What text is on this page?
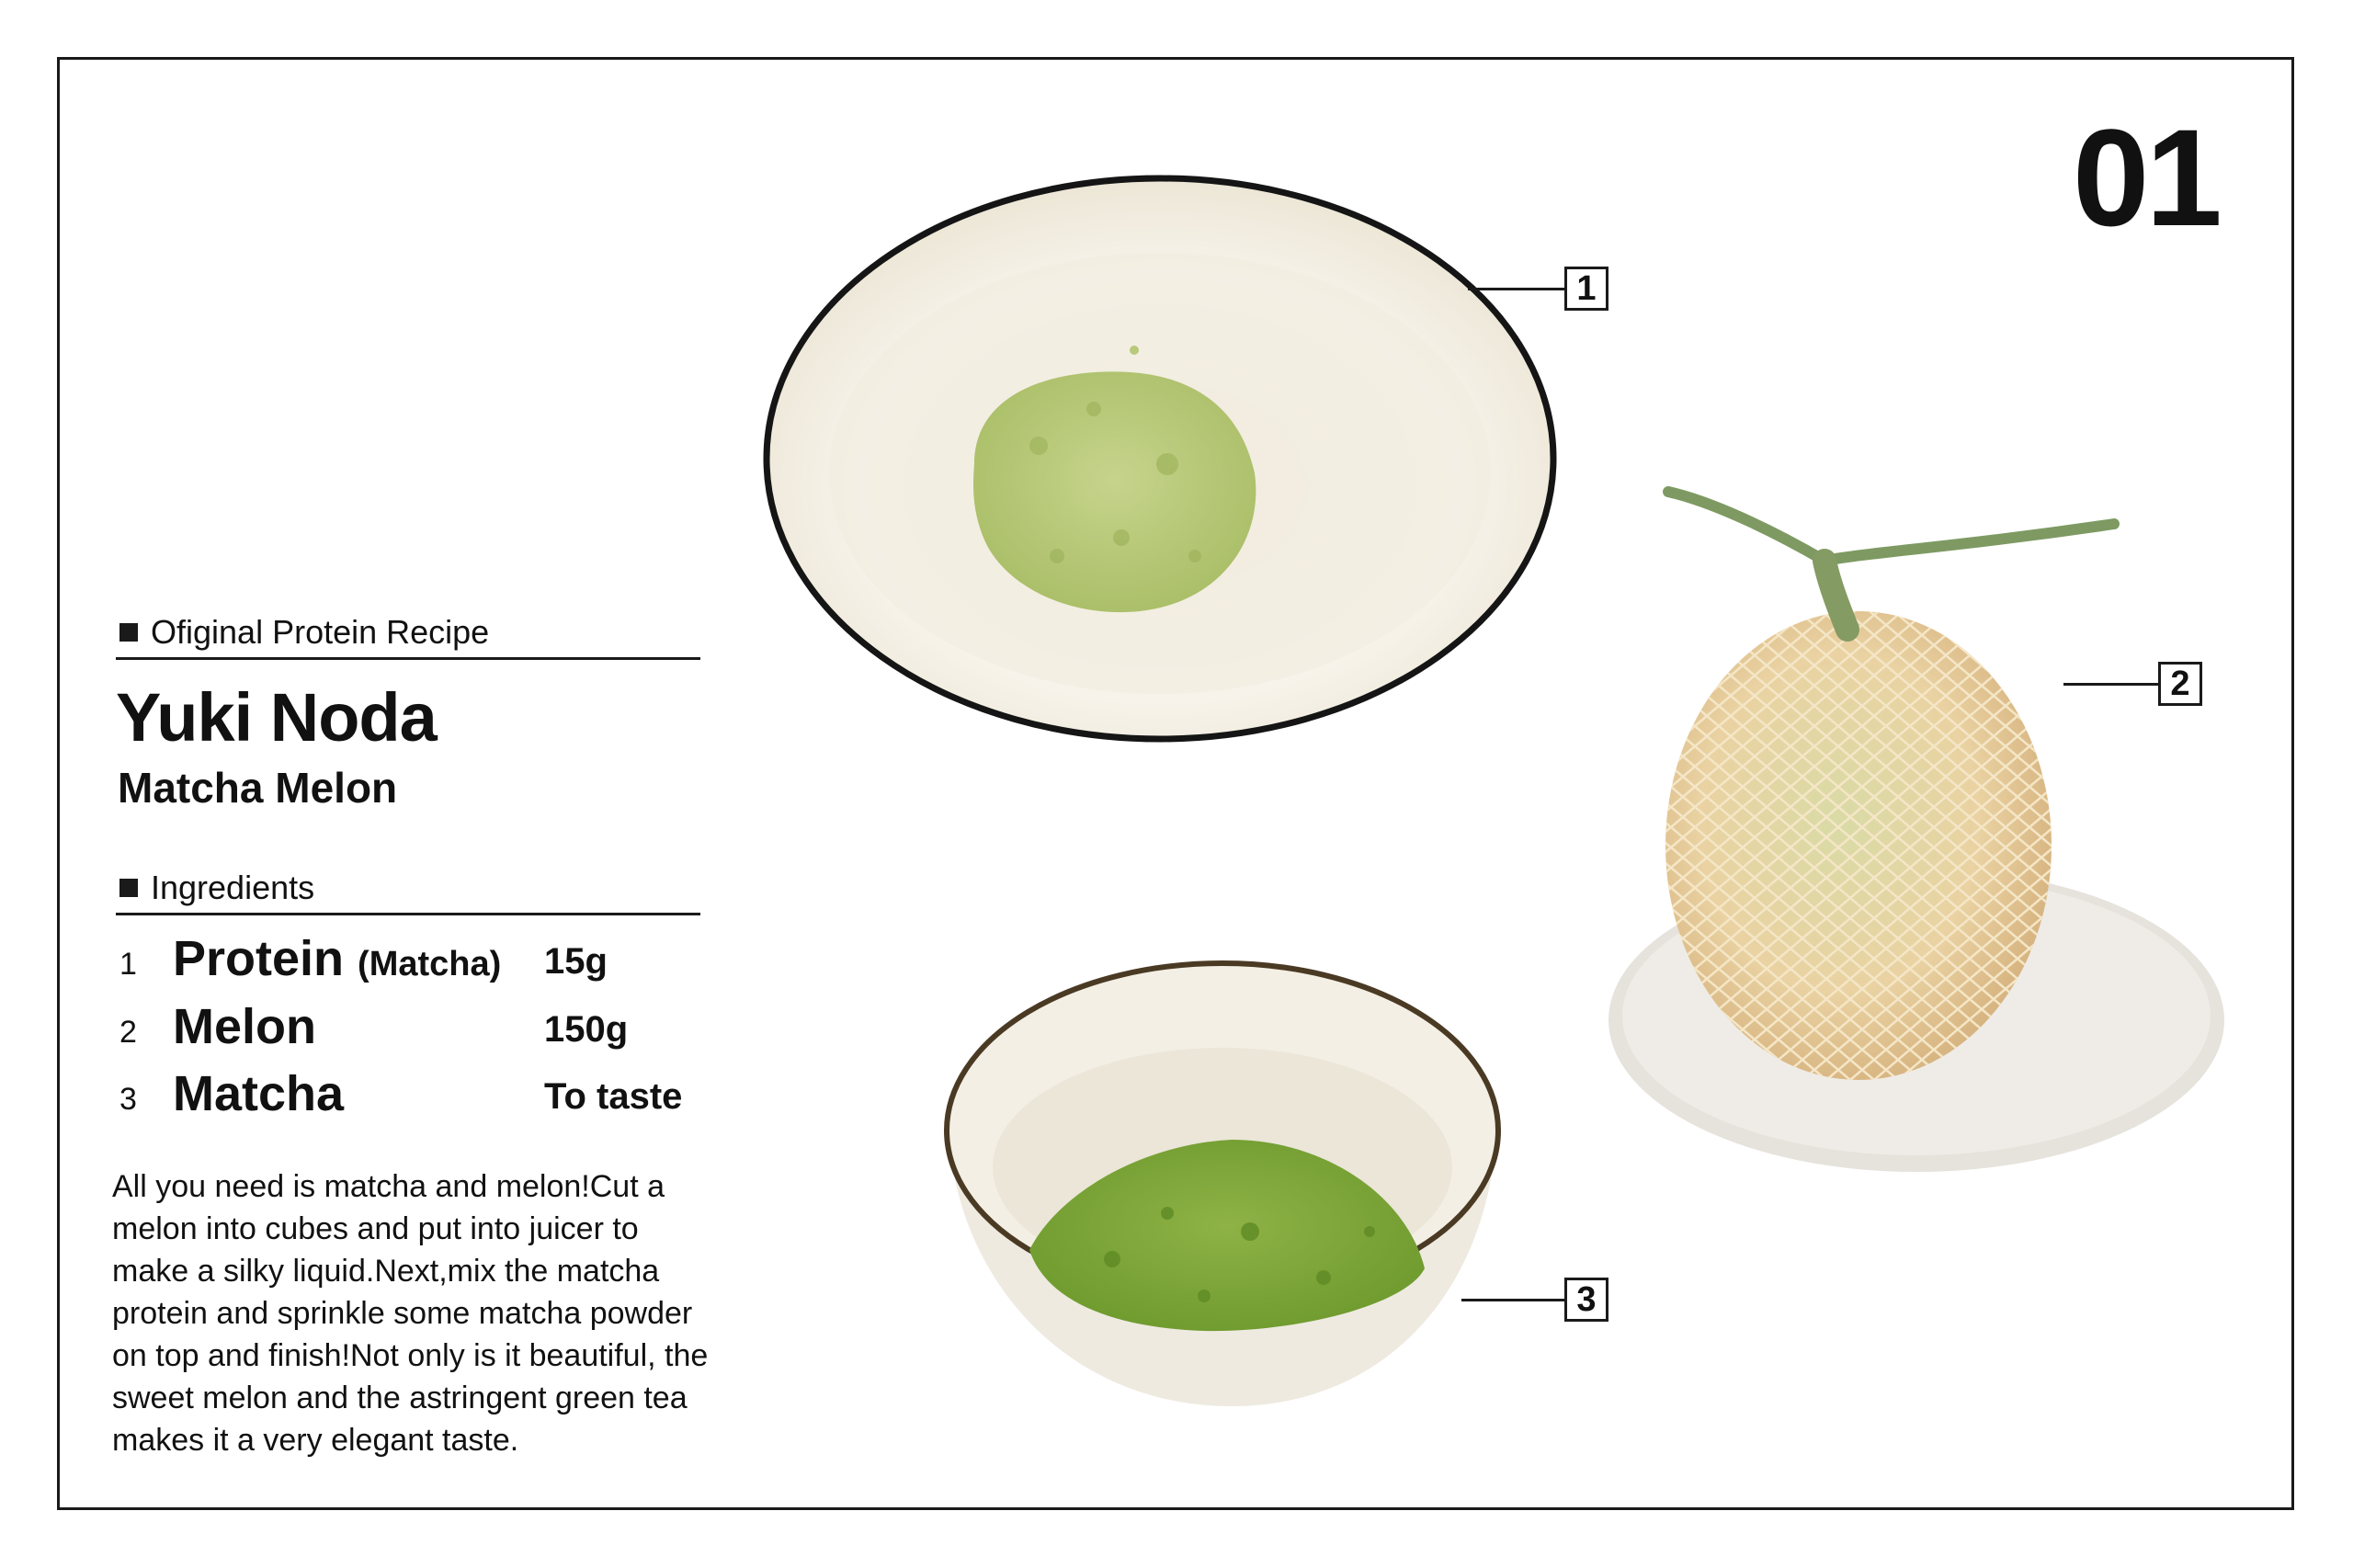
01
Ofiginal Protein Recipe
Yuki Noda
Matcha Melon
Ingredients
1 Protein (Matcha) 15g
2 Melon	150g
3 Matcha	To taste
All you need is matcha and melon!Cut a melon into cubes and put into juicer to make a silky liquid.Next,mix the matcha protein and sprinkle some matcha powder on top and finish!Not only is it beautiful, the sweet melon and the astringent green tea makes it a very elegant taste.
1
2
3
